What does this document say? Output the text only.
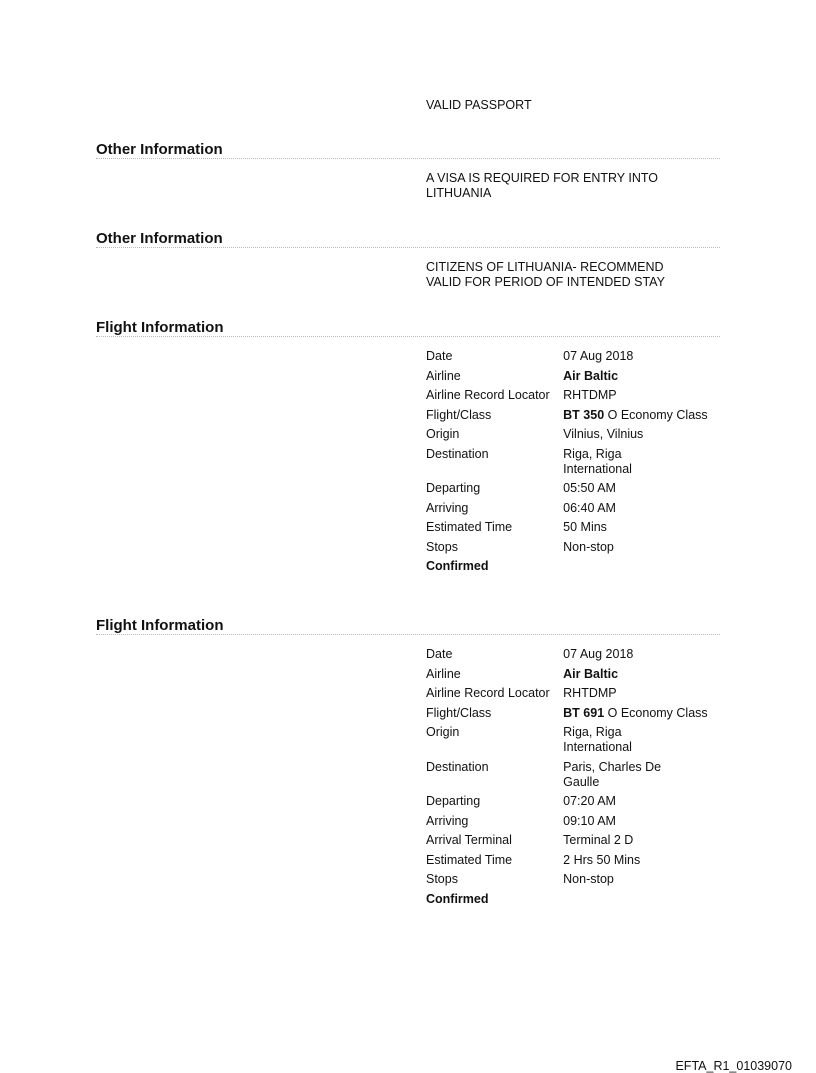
VALID PASSPORT
Other Information
A VISA IS REQUIRED FOR ENTRY INTO
LITHUANIA
Other Information
CITIZENS OF LITHUANIA- RECOMMEND
VALID FOR PERIOD OF INTENDED STAY
Flight Information
Date	07 Aug 2018
Airline	Air Baltic
Airline Record Locator	RHTDMP
Flight/Class	BT 350 O Economy Class
Origin	Vilnius, Vilnius
Destination	Riga, Riga International
Departing	05:50 AM
Arriving	06:40 AM
Estimated Time	50 Mins
Stops	Non-stop
Confirmed	
Flight Information
Date	07 Aug 2018
Airline	Air Baltic
Airline Record Locator	RHTDMP
Flight/Class	BT 691 O Economy Class
Origin	Riga, Riga International
Destination	Paris, Charles De Gaulle
Departing	07:20 AM
Arriving	09:10 AM
Arrival Terminal	Terminal 2 D
Estimated Time	2 Hrs 50 Mins
Stops	Non-stop
Confirmed	
EFTA_R1_01039070
